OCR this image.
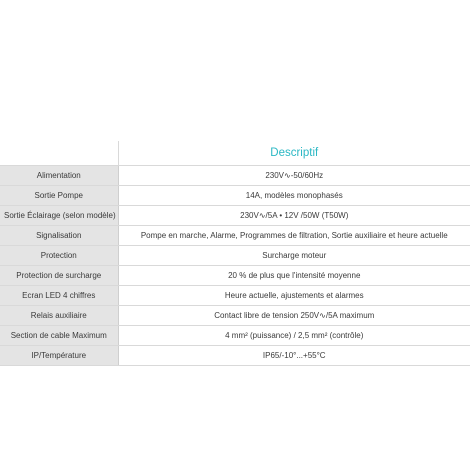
	Descriptif
Alimentation	230V∿-50/60Hz
Sortie Pompe	14A, modèles monophasés
Sortie Éclairage (selon modèle)	230V∿/5A • 12V /50W (T50W)
Signalisation	Pompe en marche, Alarme, Programmes de filtration, Sortie auxiliaire et heure actuelle
Protection	Surcharge moteur
Protection de surcharge	20 % de plus que l'intensité moyenne
Ecran LED 4 chiffres	Heure actuelle, ajustements et alarmes
Relais auxiliaire	Contact libre de tension 250V∿/5A maximum
Section de cable Maximum	4 mm² (puissance) / 2,5 mm² (contrôle)
IP/Température	IP65/-10°...+55°C
